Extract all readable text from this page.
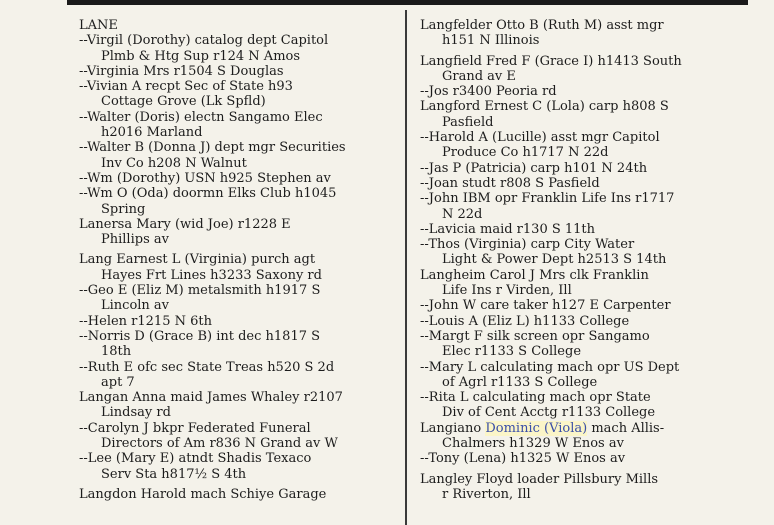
LANE
--Virgil (Dorothy) catalog dept Capitol
Plmb & Htg Sup r124 N Amos
--Virginia Mrs r1504 S Douglas
--Vivian A recpt Sec of State h93
Cottage Grove (Lk Spfld)
--Walter (Doris) electn Sangamo Elec
h2016 Marland
--Walter B (Donna J) dept mgr Securities
Inv Co h208 N Walnut
--Wm (Dorothy) USN h925 Stephen av
--Wm O (Oda) doormn Elks Club h1045
Spring
Lanersa Mary (wid Joe) r1228 E
Phillips av
Lang Earnest L (Virginia) purch agt
Hayes Frt Lines h3233 Saxony rd
--Geo E (Eliz M) metalsmith h1917 S
Lincoln av
--Helen r1215 N 6th
--Norris D (Grace B) int dec h1817 S
18th
--Ruth E ofc sec State Treas h520 S 2d
apt 7
Langan Anna maid James Whaley r2107
Lindsay rd
--Carolyn J bkpr Federated Funeral
Directors of Am r836 N Grand av W
--Lee (Mary E) atndt Shadis Texaco
Serv Sta h817½ S 4th
Langdon Harold mach Schiye Garage
Langfelder Otto B (Ruth M) asst mgr
h151 N Illinois
Langfield Fred F (Grace I) h1413 South
Grand av E
--Jos r3400 Peoria rd
Langford Ernest C (Lola) carp h808 S
Pasfield
--Harold A (Lucille) asst mgr Capitol
Produce Co h1717 N 22d
--Jas P (Patricia) carp h101 N 24th
--Joan studt r808 S Pasfield
--John IBM opr Franklin Life Ins r1717
N 22d
--Lavicia maid r130 S 11th
--Thos (Virginia) carp City Water
Light & Power Dept h2513 S 14th
Langheim Carol J Mrs clk Franklin
Life Ins r Virden, Ill
--John W care taker h127 E Carpenter
--Louis A (Eliz L) h1133 College
--Margt F silk screen opr Sangamo
Elec r1133 S College
--Mary L calculating mach opr US Dept
of Agrl r1133 S College
--Rita L calculating mach opr State
Div of Cent Acctg r1133 College
Langiano Dominic (Viola) mach Allis-
Chalmers h1329 W Enos av
--Tony (Lena) h1325 W Enos av
Langley Floyd loader Pillsbury Mills
r Riverton, Ill
